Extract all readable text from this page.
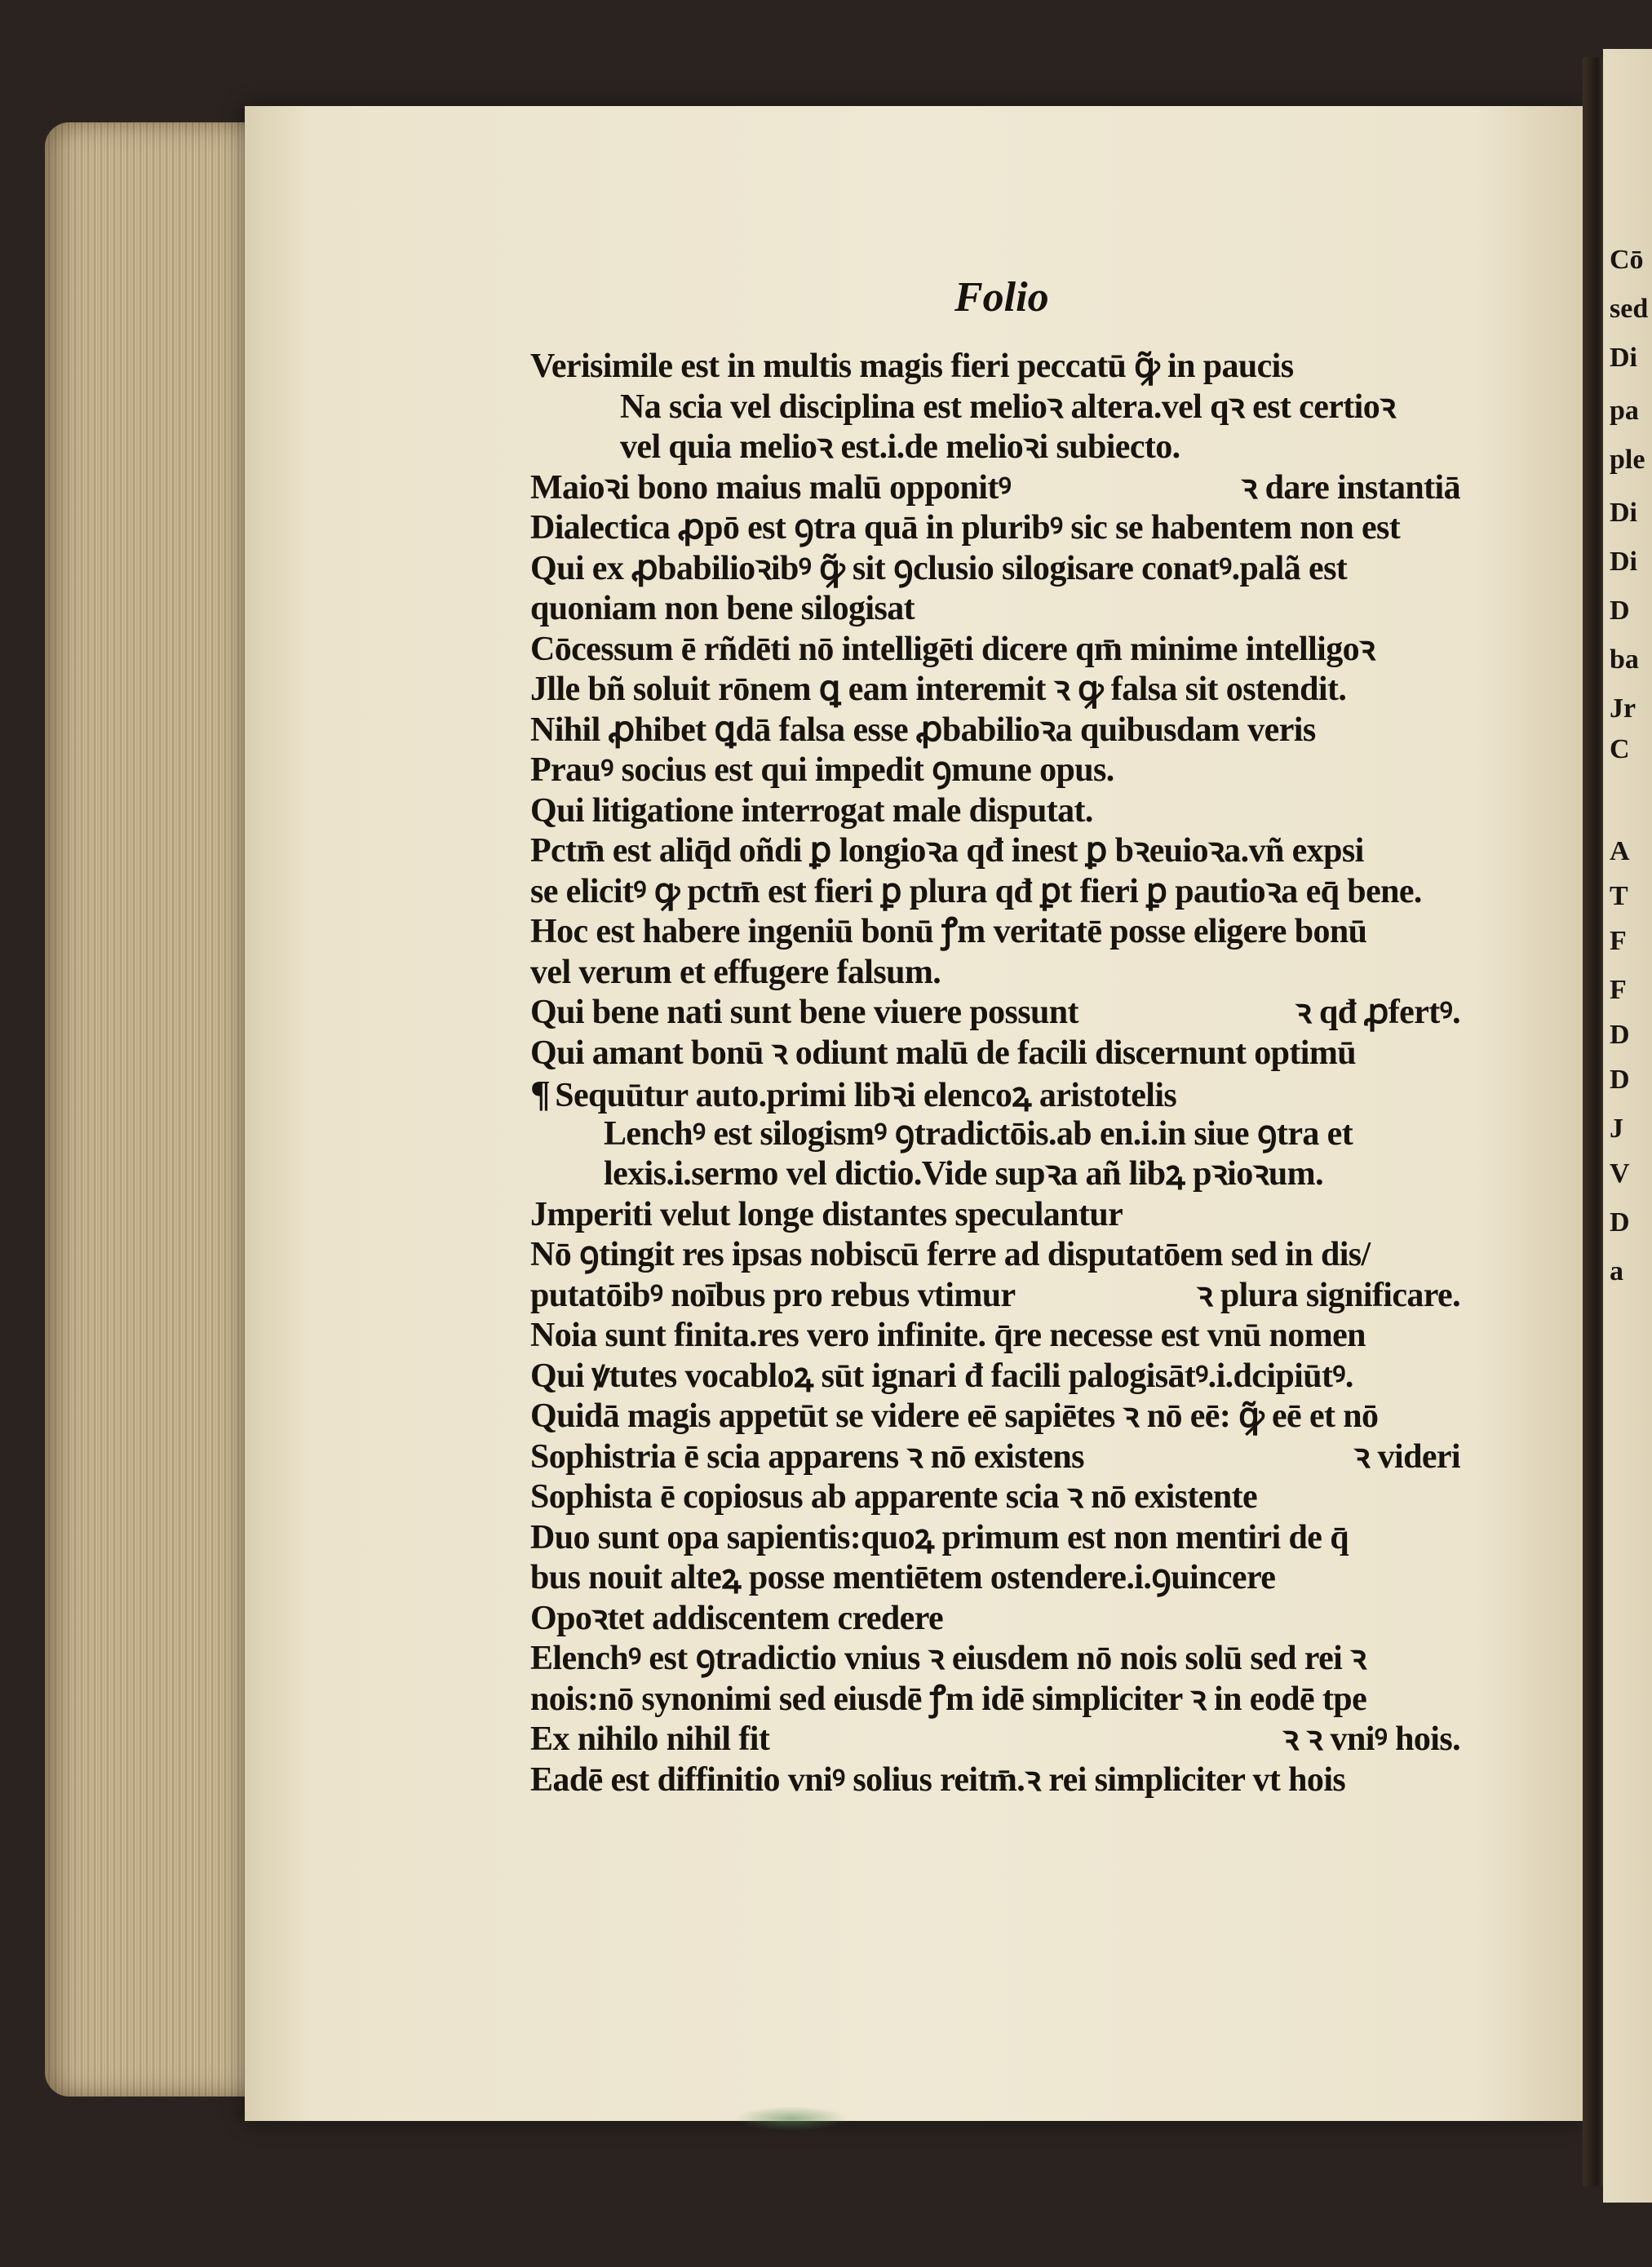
Cō
sed
Di
pa
ple
Di
Di
D
ba
Jr
C
A
T
F
F
D
D
J
V
D
a
Folio
Verisimile est in multis magis fieri peccatū ꝙ̃ in paucis
Na scia vel disciplina est melioꝛ altera.vel qꝛ est certioꝛ
vel quia melioꝛ est.i.de melioꝛi subiecto.
Maioꝛi bono maius malū opponitꝰ	ꝛ dare instantiā
Dialectica ꝓpō est ꝯtra quā in pluribꝰ sic se habentem non est
Qui ex ꝓbabilioꝛibꝰ ꝙ̃ sit ꝯclusio silogisare conatꝰ.palã est
quoniam non bene silogisat
Cōcessum ē rñdēti nō intelligēti dicere qm̄ minime intelligoꝛ
Jlle bñ soluit rōnem ꝗ eam interemit ꝛ ꝙ falsa sit ostendit.
Nihil ꝓhibet ꝗdā falsa esse ꝓbabilioꝛa quibusdam veris
Prauꝰ socius est qui impedit ꝯmune opus.
Qui litigatione interrogat male disputat.
Pctm̄ est aliq̄d oñdi ꝑ longioꝛa qđ inest ꝑ bꝛeuioꝛa.vñ expsi
se elicitꝰ ꝙ pctm̄ est fieri ꝑ plura qđ ꝑt fieri ꝑ pautioꝛa eq̄ bene.
Hoc est habere ingeniū bonū ꝭm veritatē posse eligere bonū
vel verum et effugere falsum.
Qui bene nati sunt bene viuere possunt	ꝛ qđ ꝓfertꝰ.
Qui amant bonū ꝛ odiunt malū de facili discernunt optimū
¶ Sequūtur auto.primi libꝛi elencoꝝ aristotelis
Lenchꝰ est silogismꝰ ꝯtradictōis.ab en.i.in siue ꝯtra et
lexis.i.sermo vel dictio.Vide supꝛa añ libꝝ pꝛioꝛum.
Jmperiti velut longe distantes speculantur
Nō ꝯtingit res ipsas nobiscū ferre ad disputatōem sed in dis/
putatōibꝰ noībus pro rebus vtimur	ꝛ plura significare.
Noia sunt finita.res vero infinite. q̄re necesse est vnū nomen
Qui ꝟtutes vocabloꝝ sūt ignari đ facili palogisātꝰ.i.dcipiūtꝰ.
Quidā magis appetūt se videre eē sapiētes ꝛ nō eē: ꝙ̃ eē et nō
Sophistria ē scia apparens ꝛ nō existens	ꝛ videri
Sophista ē copiosus ab apparente scia ꝛ nō existente
Duo sunt opa sapientis:quoꝝ primum est non mentiri de q̄
bus nouit alteꝝ posse mentiētem ostendere.i.ꝯuincere
Opoꝛtet addiscentem credere
Elenchꝰ est ꝯtradictio vnius ꝛ eiusdem nō nois solū sed rei ꝛ
nois:nō synonimi sed eiusdē ꝭm idē simpliciter ꝛ in eodē tpe
Ex nihilo nihil fit	ꝛ ꝛ vniꝰ hois.
Eadē est diffinitio vniꝰ solius reitm̄.ꝛ rei simpliciter vt hois
